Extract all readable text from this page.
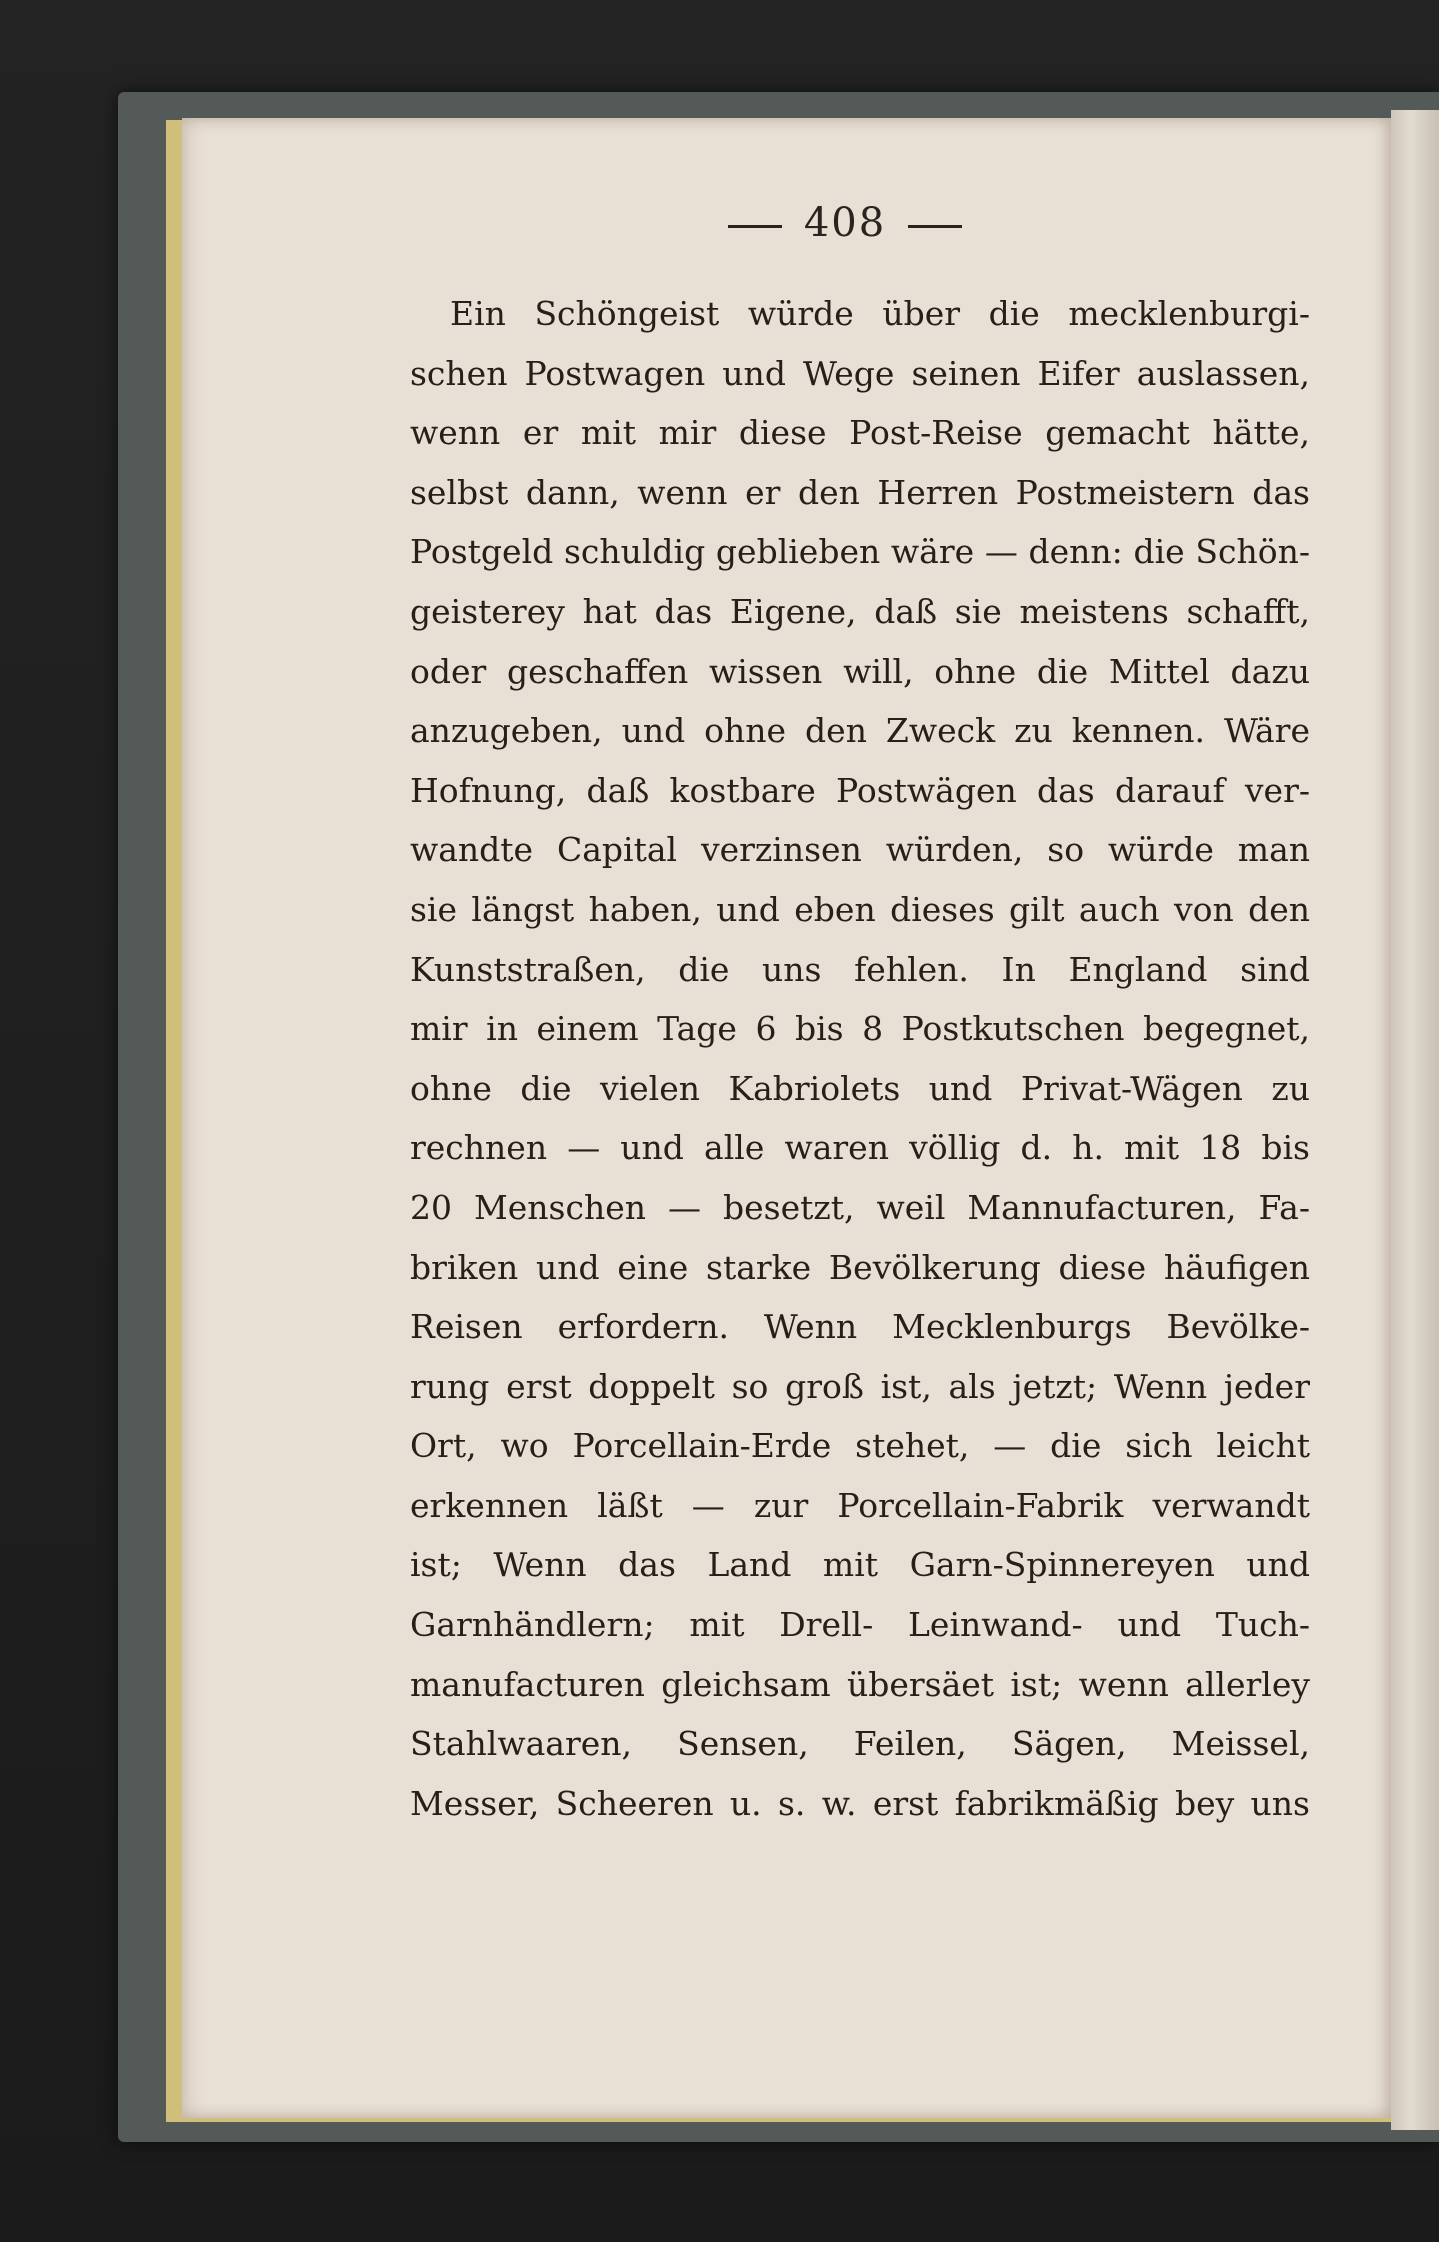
408
Ein Schöngeist würde über die mecklenburgi-
schen Postwagen und Wege seinen Eifer auslassen,
wenn er mit mir diese Post-Reise gemacht hätte,
selbst dann, wenn er den Herren Postmeistern das
Postgeld schuldig geblieben wäre — denn: die Schön-
geisterey hat das Eigene, daß sie meistens schafft,
oder geschaffen wissen will, ohne die Mittel dazu
anzugeben, und ohne den Zweck zu kennen. Wäre
Hofnung, daß kostbare Postwägen das darauf ver-
wandte Capital verzinsen würden, so würde man
sie längst haben, und eben dieses gilt auch von den
Kunststraßen, die uns fehlen. In England sind
mir in einem Tage 6 bis 8 Postkutschen begegnet,
ohne die vielen Kabriolets und Privat-Wägen zu
rechnen — und alle waren völlig d. h. mit 18 bis
20 Menschen — besetzt, weil Mannufacturen, Fa-
briken und eine starke Bevölkerung diese häufigen
Reisen erfordern. Wenn Mecklenburgs Bevölke-
rung erst doppelt so groß ist, als jetzt; Wenn jeder
Ort, wo Porcellain-Erde stehet, — die sich leicht
erkennen läßt — zur Porcellain-Fabrik verwandt
ist; Wenn das Land mit Garn-Spinnereyen und
Garnhändlern; mit Drell- Leinwand- und Tuch-
manufacturen gleichsam übersäet ist; wenn allerley
Stahlwaaren, Sensen, Feilen, Sägen, Meissel,
Messer, Scheeren u. s. w. erst fabrikmäßig bey uns
